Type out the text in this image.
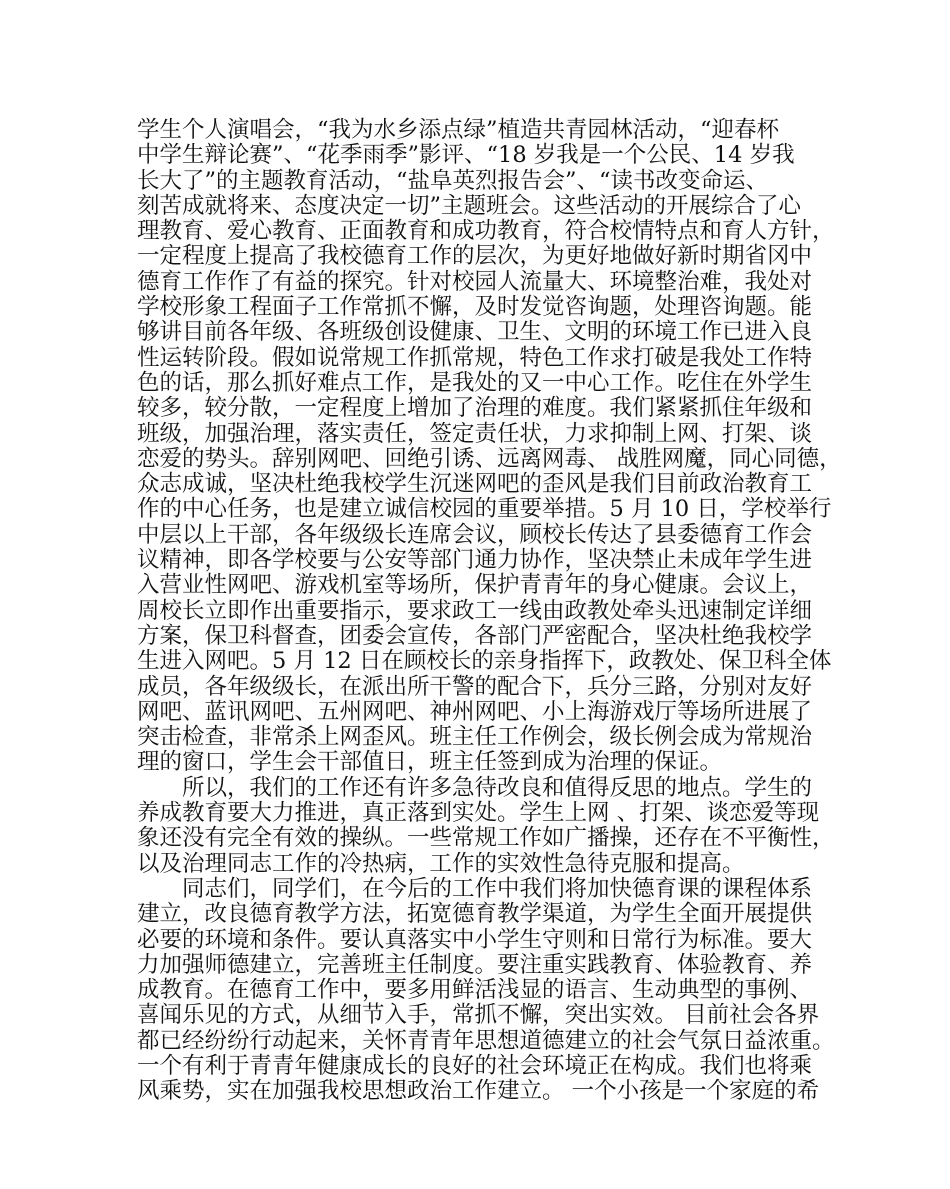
学生个人演唱会，“我为水乡添点绿”植造共青园林活动，“迎春杯
中学生辩论赛”、“花季雨季”影评、“18 岁我是一个公民、14 岁我
长大了”的主题教育活动，“盐阜英烈报告会”、“读书改变命运、
刻苦成就将来、态度决定一切”主题班会。这些活动的开展综合了心
理教育、爱心教育、正面教育和成功教育，符合校情特点和育人方针，
一定程度上提高了我校德育工作的层次，为更好地做好新时期省冈中
德育工作作了有益的探究。针对校园人流量大、环境整治难，我处对
学校形象工程面子工作常抓不懈，及时发觉咨询题，处理咨询题。能
够讲目前各年级、各班级创设健康、卫生、文明的环境工作已进入良
性运转阶段。假如说常规工作抓常规，特色工作求打破是我处工作特
色的话，那么抓好难点工作，是我处的又一中心工作。吃住在外学生
较多，较分散，一定程度上增加了治理的难度。我们紧紧抓住年级和
班级，加强治理，落实责任，签定责任状，力求抑制上网、打架、谈
恋爱的势头。辞别网吧、回绝引诱、远离网毒、 战胜网魔，同心同德，
众志成诚，坚决杜绝我校学生沉迷网吧的歪风是我们目前政治教育工
作的中心任务，也是建立诚信校园的重要举措。5 月 10 日，学校举行
中层以上干部，各年级级长连席会议，顾校长传达了县委德育工作会
议精神，即各学校要与公安等部门通力协作，坚决禁止未成年学生进
入营业性网吧、游戏机室等场所，保护青青年的身心健康。会议上，
周校长立即作出重要指示，要求政工一线由政教处牵头迅速制定详细
方案，保卫科督查，团委会宣传，各部门严密配合，坚决杜绝我校学
生进入网吧。5 月 12 日在顾校长的亲身指挥下，政教处、保卫科全体
成员，各年级级长，在派出所干警的配合下，兵分三路，分别对友好
网吧、蓝讯网吧、五州网吧、神州网吧、小上海游戏厅等场所进展了
突击检查，非常杀上网歪风。班主任工作例会，级长例会成为常规治
理的窗口，学生会干部值日，班主任签到成为治理的保证。
所以，我们的工作还有许多急待改良和值得反思的地点。学生的
养成教育要大力推进，真正落到实处。学生上网 、打架、谈恋爱等现
象还没有完全有效的操纵。一些常规工作如广播操，还存在不平衡性，
以及治理同志工作的冷热病，工作的实效性急待克服和提高。
同志们，同学们，在今后的工作中我们将加快德育课的课程体系
建立，改良德育教学方法，拓宽德育教学渠道，为学生全面开展提供
必要的环境和条件。要认真落实中小学生守则和日常行为标准。要大
力加强师德建立，完善班主任制度。要注重实践教育、体验教育、养
成教育。在德育工作中，要多用鲜活浅显的语言、生动典型的事例、
喜闻乐见的方式，从细节入手，常抓不懈，突出实效。 目前社会各界
都已经纷纷行动起来，关怀青青年思想道德建立的社会气氛日益浓重。
一个有利于青青年健康成长的良好的社会环境正在构成。我们也将乘
风乘势，实在加强我校思想政治工作建立。 一个小孩是一个家庭的希
